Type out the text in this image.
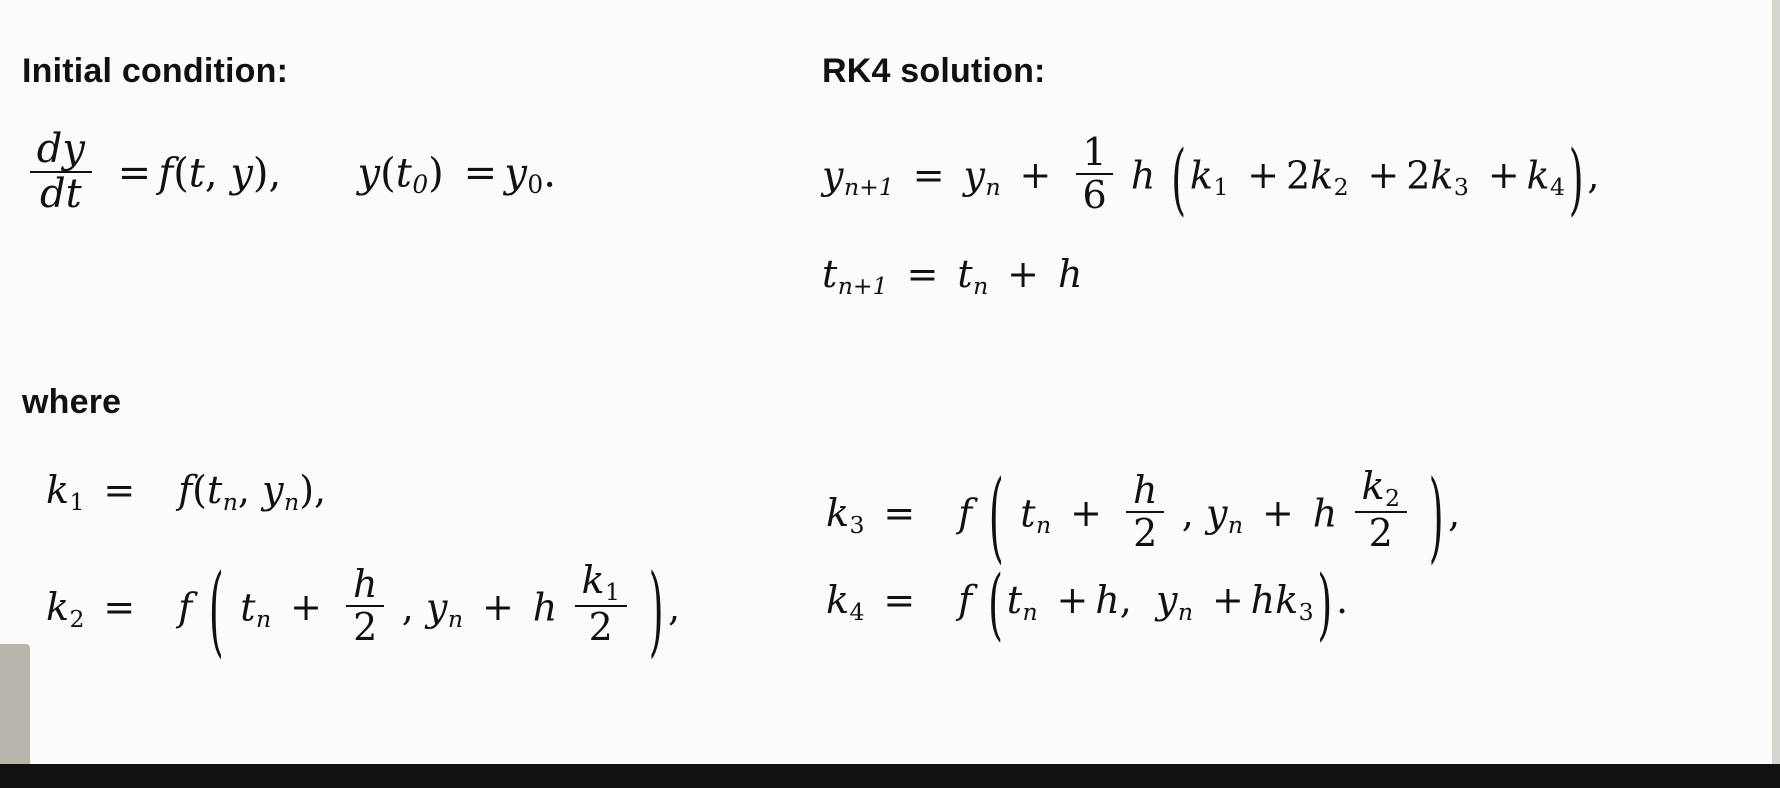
Initial condition:	RK4 solution:
$\frac{dy}{dt} = f(t$, y), $y(t_0) = y0$.	$y_{n+1} = y_n + \frac{1}{6}$ h (k1 + 2k2 + 2k3 + k4),
$t_{n+1} = t_n + h$
where
$k1 = f(t_n$, $y_n$),
k2 = f ( $t_n + \frac{h}{2}$ , $y_n + h \frac{k1}{2}$ ) ,
k3 = f ( $t_n + \frac{h}{2}$ , $y_n + h \frac{k2}{2}$ ) ,
k4 = f ($t_n + h$, $y_n + hk3$).
